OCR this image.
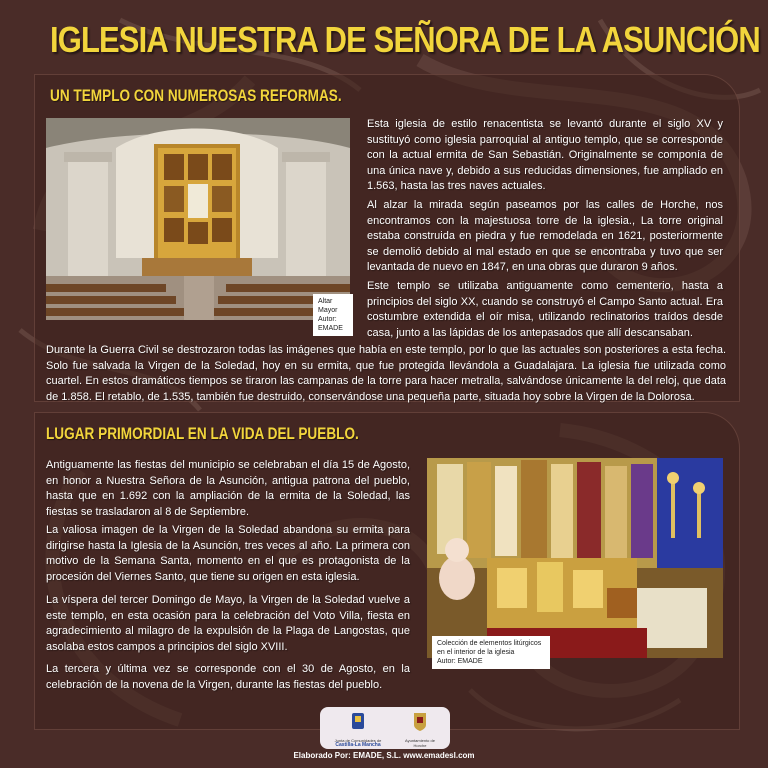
IGLESIA NUESTRA DE SEÑORA DE LA ASUNCIÓN
UN TEMPLO CON NUMEROSAS REFORMAS.
Altar Mayor
Autor: EMADE
Esta iglesia de estilo renacentista se levantó durante el siglo XV y sustituyó como iglesia parroquial al antiguo templo, que se corresponde con la actual ermita de San Sebastián. Originalmente se componía de una única nave y, debido a sus reducidas dimensiones, fue ampliado en 1.563, hasta las tres naves actuales.
Al alzar la mirada según paseamos por las calles de Horche, nos encontramos con la majestuosa torre de la iglesia., La torre original estaba construida en piedra y fue remodelada en 1621, posteriormente se demolió debido al mal estado en que se encontraba y tuvo que ser levantada de nuevo en 1847, en una obras que duraron 9 años.
Este templo se utilizaba antiguamente como cementerio, hasta a principios del siglo XX, cuando se construyó el Campo Santo actual. Era costumbre extendida el oír misa, utilizando reclinatorios traídos desde casa, junto a las lápidas de los antepasados que allí descansaban.
Durante la Guerra Civil se destrozaron todas las imágenes que había en este templo, por lo que las actuales son posteriores a esta fecha. Solo fue salvada la Virgen de la Soledad, hoy en su ermita, que fue protegida llevándola a Guadalajara. La iglesia fue utilizada como cuartel. En estos dramáticos tiempos se tiraron las campanas de la torre para hacer metralla, salvándose únicamente la del reloj, que data de 1.858. El retablo, de 1.535, también fue destruido, conservándose una pequeña parte, situada hoy sobre la Virgen de la Dolorosa.
LUGAR PRIMORDIAL EN LA VIDA DEL PUEBLO.
Antiguamente las fiestas del municipio se celebraban el día 15 de Agosto, en honor a Nuestra Señora de la Asunción, antigua patrona del pueblo, hasta que en 1.692 con la ampliación de la ermita de la Soledad, las fiestas se trasladaron al 8 de Septiembre.
La valiosa imagen de la Virgen de la Soledad abandona su ermita para dirigirse hasta la Iglesia de la Asunción, tres veces al año. La primera con motivo de la Semana Santa, momento en el que es protagonista de la procesión del Viernes Santo, que tiene su origen en esta iglesia.
La víspera del tercer Domingo de Mayo, la Virgen de la Soledad vuelve a este templo, en esta ocasión para la celebración del Voto Villa, fiesta en agradecimiento al milagro de la expulsión de la Plaga de Langostas, que asolaba estos campos a principios del siglo XVIII.
La tercera y última vez se corresponde con el 30 de Agosto, en la celebración de la novena de la Virgen, durante las fiestas del pueblo.
Colección de elementos litúrgicos en el interior de la iglesia
Autor: EMADE
Junta de Comunidades de
Castilla-La Mancha
Ayuntamiento de
Horche
Elaborado Por: EMADE, S.L. www.emadesl.com
